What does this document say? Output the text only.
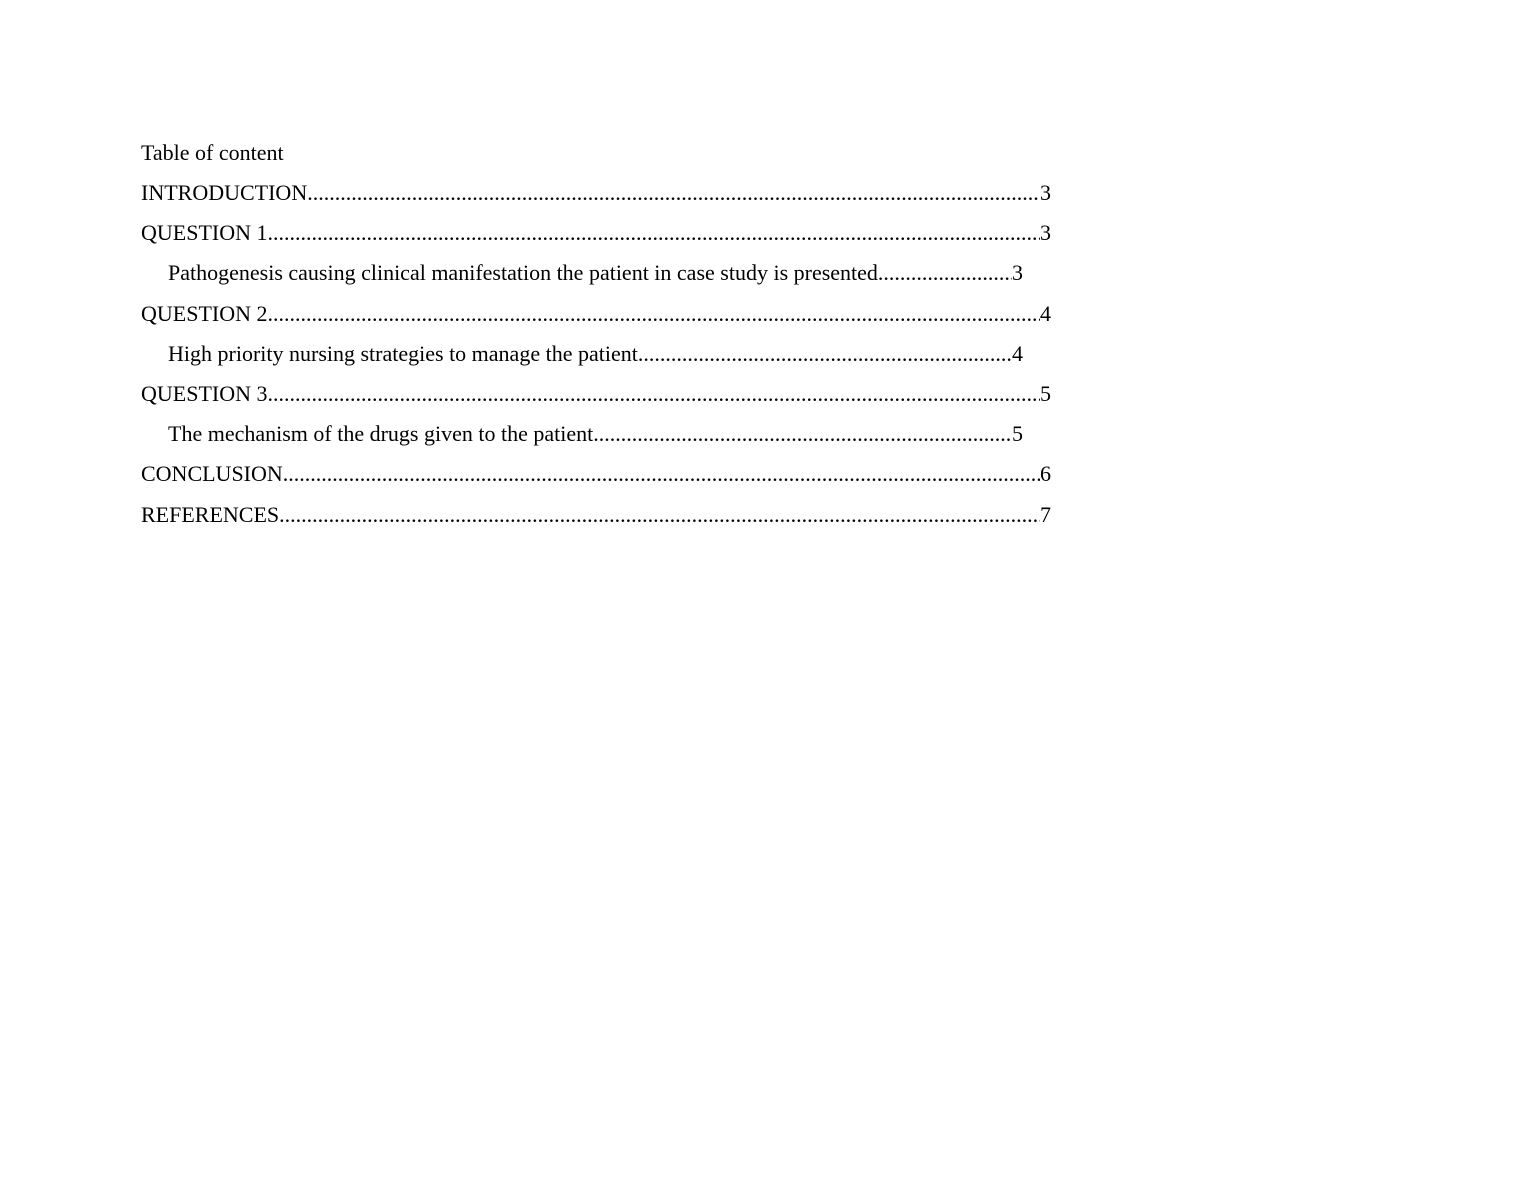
Table of content
INTRODUCTION .....	3
QUESTION 1 .....	3
Pathogenesis causing clinical manifestation the patient in case study is presented .....	3
QUESTION 2 .....	4
High priority nursing strategies to manage the patient .....	4
QUESTION 3 .....	5
The mechanism of the drugs given to the patient .....	5
CONCLUSION .....	6
REFERENCES .....	7
